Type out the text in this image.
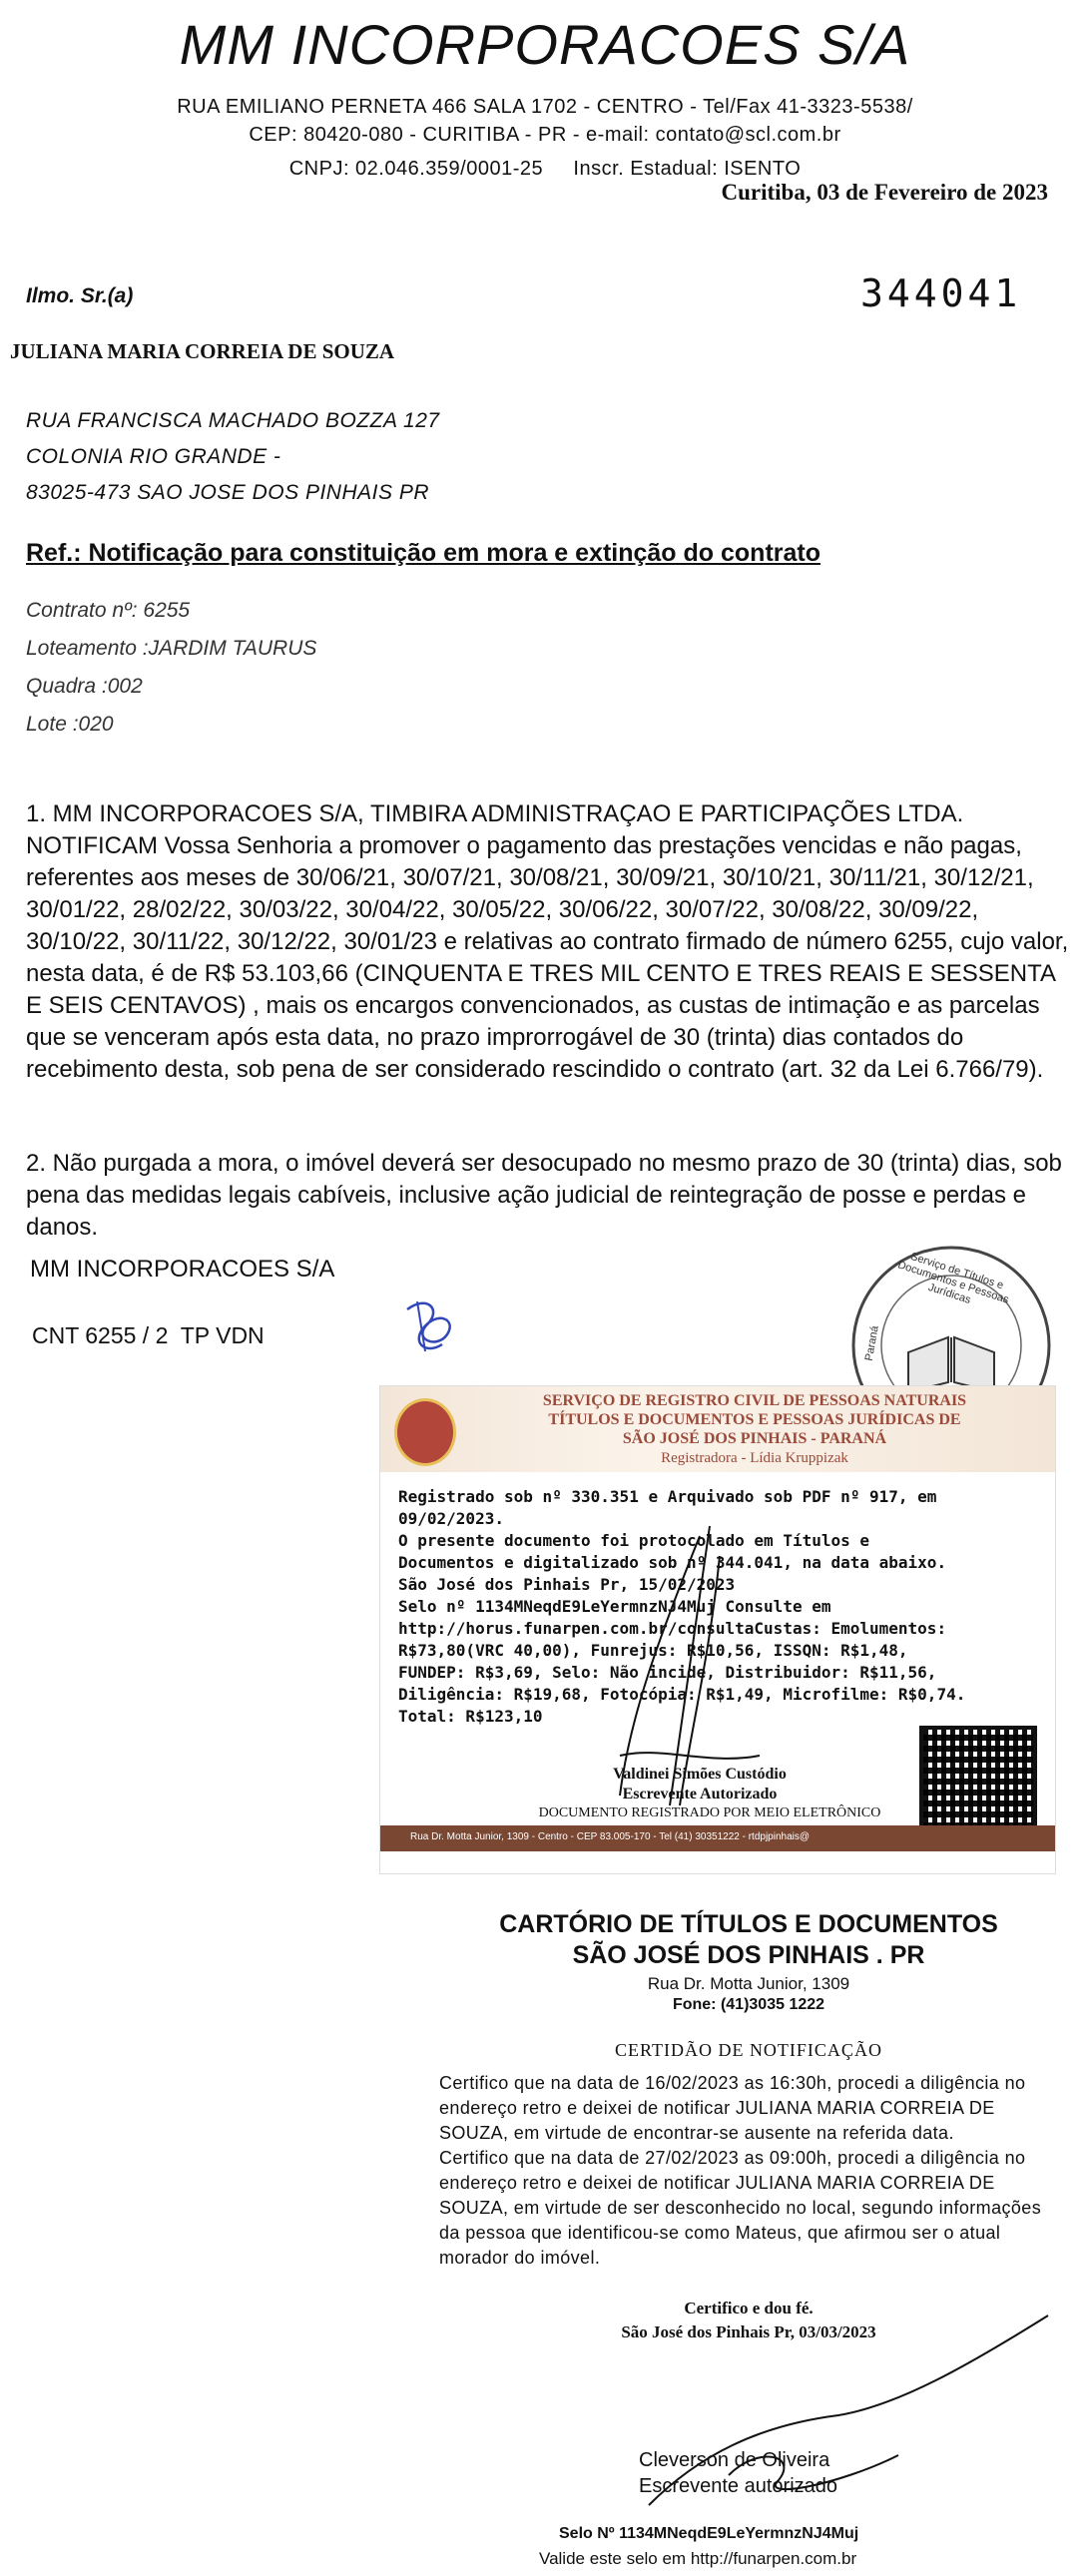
MM INCORPORACOES S/A
RUA EMILIANO PERNETA 466 SALA 1702 - CENTRO - Tel/Fax 41-3323-5538/
CEP: 80420-080 - CURITIBA - PR - e-mail: contato@scl.com.br
CNPJ: 02.046.359/0001-25     Inscr. Estadual: ISENTO
Curitiba, 03 de Fevereiro de 2023
Ilmo. Sr.(a)	344041
JULIANA MARIA CORREIA DE SOUZA
RUA FRANCISCA MACHADO BOZZA 127
COLONIA RIO GRANDE -
83025-473 SAO JOSE DOS PINHAIS PR
Ref.: Notificação para constituição em mora e extinção do contrato
Contrato nº: 6255
Loteamento :JARDIM TAURUS
Quadra :002
Lote :020
1. MM INCORPORACOES S/A, TIMBIRA ADMINISTRAÇAO E PARTICIPAÇÕES LTDA. NOTIFICAM Vossa Senhoria a promover o pagamento das prestações vencidas e não pagas, referentes aos meses de 30/06/21, 30/07/21, 30/08/21, 30/09/21, 30/10/21, 30/11/21, 30/12/21, 30/01/22, 28/02/22, 30/03/22, 30/04/22, 30/05/22, 30/06/22, 30/07/22, 30/08/22, 30/09/22, 30/10/22, 30/11/22, 30/12/22, 30/01/23 e relativas ao contrato firmado de número 6255, cujo valor, nesta data, é de R$ 53.103,66 (CINQUENTA E TRES MIL CENTO E TRES REAIS E SESSENTA E SEIS CENTAVOS) , mais os encargos convencionados, as custas de intimação e as parcelas que se venceram após esta data, no prazo improrrogável de 30 (trinta) dias contados do recebimento desta, sob pena de ser considerado rescindido o contrato (art. 32 da Lei 6.766/79).
2. Não purgada a mora, o imóvel deverá ser desocupado no mesmo prazo de 30 (trinta) dias, sob pena das medidas legais cabíveis, inclusive ação judicial de reintegração de posse e perdas e danos.
MM INCORPORACOES S/A
CNT 6255 / 2  TP VDN
Serviço de Títulos e Documentos e Pessoas Jurídicas
Paraná
SERVIÇO DE REGISTRO CIVIL DE PESSOAS NATURAIS
TÍTULOS E DOCUMENTOS E PESSOAS JURÍDICAS DE
SÃO JOSÉ DOS PINHAIS - PARANÁ
Registradora - Lídia Kruppizak
Registrado sob nº 330.351 e Arquivado sob PDF nº 917, em
09/02/2023.
O presente documento foi protocolado em Títulos e
Documentos e digitalizado sob nº 344.041, na data abaixo.
São José dos Pinhais Pr, 15/02/2023
Selo nº 1134MNeqdE9LeYermnzNJ4Muj Consulte em
http://horus.funarpen.com.br/consultaCustas: Emolumentos:
R$73,80(VRC 40,00), Funrejus: R$10,56, ISSQN: R$1,48,
FUNDEP: R$3,69, Selo: Não incide, Distribuidor: R$11,56,
Diligência: R$19,68, Fotocópia: R$1,49, Microfilme: R$0,74.
Total: R$123,10
Valdinei Simões Custódio
Escrevente Autorizado
DOCUMENTO REGISTRADO POR MEIO ELETRÔNICO
Rua Dr. Motta Junior, 1309 - Centro - CEP 83.005-170 - Tel (41) 30351222 - rtdpjpinhais@
CARTÓRIO DE TÍTULOS E DOCUMENTOS
SÃO JOSÉ DOS PINHAIS . PR
Rua Dr. Motta Junior, 1309
Fone: (41)3035 1222
CERTIDÃO DE NOTIFICAÇÃO
Certifico que na data de 16/02/2023 as 16:30h, procedi a diligência no endereço retro e deixei de notificar JULIANA MARIA CORREIA DE SOUZA, em virtude de encontrar-se ausente na referida data.
Certifico que na data de 27/02/2023 as 09:00h, procedi a diligência no endereço retro e deixei de notificar JULIANA MARIA CORREIA DE SOUZA, em virtude de ser desconhecido no local, segundo informações da pessoa que identificou-se como Mateus, que afirmou ser o atual morador do imóvel.
Certifico e dou fé.
São José dos Pinhais Pr, 03/03/2023
Cleverson de Oliveira
Escrevente autorizado
Selo Nº 1134MNeqdE9LeYermnzNJ4Muj
Valide este selo em http://funarpen.com.br
